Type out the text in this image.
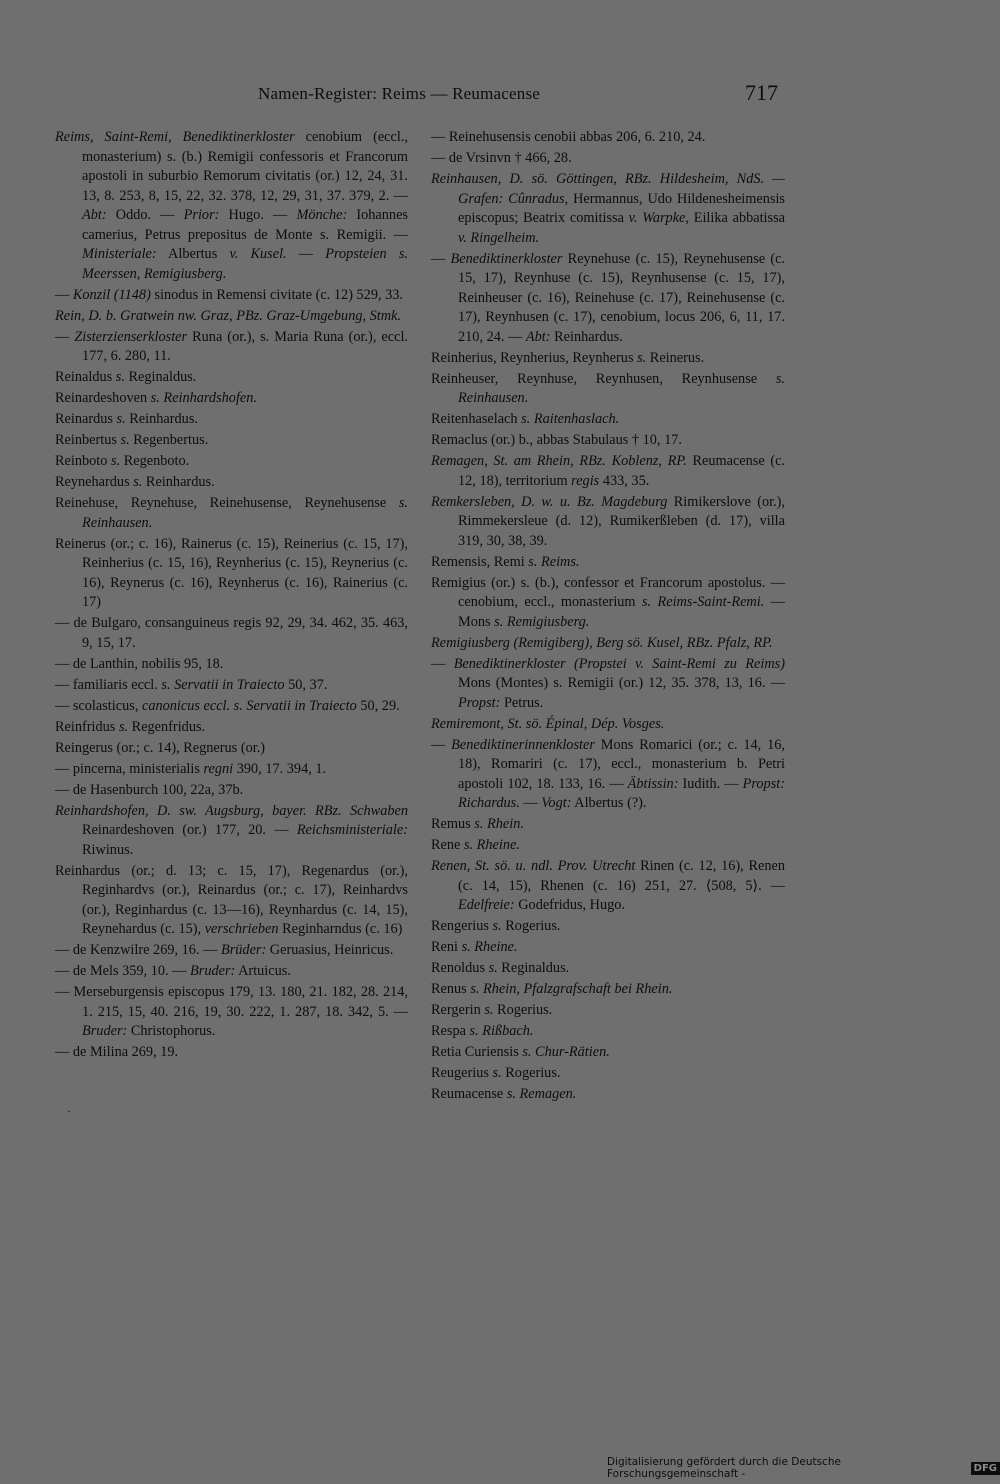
Namen-Register: Reims — Reumacense	717

Reims, Saint-Remi, Benediktinerkloster cenobium (eccl., monasterium) s. (b.) Remigii confessoris et Francorum apostoli in suburbio Remorum civitatis (or.) 12, 24, 31. 13, 8. 253, 8, 15, 22, 32. 378, 12, 29, 31, 37. 379, 2. — Abt: Oddo. — Prior: Hugo. — Mönche: Iohannes camerius, Petrus prepositus de Monte s. Remigii. — Ministeriale: Albertus v. Kusel. — Propsteien s. Meerssen, Remigiusberg.

— Konzil (1148) sinodus in Remensi civitate (c. 12) 529, 33.

Rein, D. b. Gratwein nw. Graz, PBz. Graz-Umgebung, Stmk.

— Zisterzienserkloster Runa (or.), s. Maria Runa (or.), eccl. 177, 6. 280, 11.

Reinaldus s. Reginaldus.

Reinardeshoven s. Reinhardshofen.

Reinardus s. Reinhardus.

Reinbertus s. Regenbertus.

Reinboto s. Regenboto.

Reynehardus s. Reinhardus.

Reinehuse, Reynehuse, Reinehusense, Reynehusense s. Reinhausen.

Reinerus (or.; c. 16), Rainerus (c. 15), Reinerius (c. 15, 17), Reinherius (c. 15, 16), Reynherius (c. 15), Reynerius (c. 16), Reynerus (c. 16), Reynherus (c. 16), Rainerius (c. 17)

— de Bulgaro, consanguineus regis 92, 29, 34. 462, 35. 463, 9, 15, 17.

— de Lanthin, nobilis 95, 18.

— familiaris eccl. s. Servatii in Traiecto 50, 37.

— scolasticus, canonicus eccl. s. Servatii in Traiecto 50, 29.

Reinfridus s. Regenfridus.

Reingerus (or.; c. 14), Regnerus (or.)

— pincerna, ministerialis regni 390, 17. 394, 1.

— de Hasenburch 100, 22a, 37b.

Reinhardshofen, D. sw. Augsburg, bayer. RBz. Schwaben Reinardeshoven (or.) 177, 20. — Reichsministeriale: Riwinus.

Reinhardus (or.; d. 13; c. 15, 17), Regenardus (or.), Reginhardvs (or.), Reinardus (or.; c. 17), Reinhardvs (or.), Reginhardus (c. 13—16), Reynhardus (c. 14, 15), Reynehardus (c. 15), verschrieben Reginharndus (c. 16)

— de Kenzwilre 269, 16. — Brüder: Geruasius, Heinricus.

— de Mels 359, 10. — Bruder: Artuicus.

— Merseburgensis episcopus 179, 13. 180, 21. 182, 28. 214, 1. 215, 15, 40. 216, 19, 30. 222, 1. 287, 18. 342, 5. — Bruder: Christophorus.

— de Milina 269, 19.

— Reinehusensis cenobii abbas 206, 6. 210, 24.

— de Vrsinvn † 466, 28.

Reinhausen, D. sö. Göttingen, RBz. Hildesheim, NdS. — Grafen: Cûnradus, Hermannus, Udo Hildenesheimensis episcopus; Beatrix comitissa v. Warpke, Eilika abbatissa v. Ringelheim.

— Benediktinerkloster Reynehuse (c. 15), Reynehusense (c. 15, 17), Reynhuse (c. 15), Reynhusense (c. 15, 17), Reinheuser (c. 16), Reinehuse (c. 17), Reinehusense (c. 17), Reynhusen (c. 17), cenobium, locus 206, 6, 11, 17. 210, 24. — Abt: Reinhardus.

Reinherius, Reynherius, Reynherus s. Reinerus.

Reinheuser, Reynhuse, Reynhusen, Reynhusense s. Reinhausen.

Reitenhaselach s. Raitenhaslach.

Remaclus (or.) b., abbas Stabulaus † 10, 17.

Remagen, St. am Rhein, RBz. Koblenz, RP. Reumacense (c. 12, 18), territorium regis 433, 35.

Remkersleben, D. w. u. Bz. Magdeburg Rimikerslove (or.), Rimmekersleue (d. 12), Rumikerßleben (d. 17), villa 319, 30, 38, 39.

Remensis, Remi s. Reims.

Remigius (or.) s. (b.), confessor et Francorum apostolus. — cenobium, eccl., monasterium s. Reims-Saint-Remi. — Mons s. Remigiusberg.

Remigiusberg (Remigiberg), Berg sö. Kusel, RBz. Pfalz, RP.

— Benediktinerkloster (Propstei v. Saint-Remi zu Reims) Mons (Montes) s. Remigii (or.) 12, 35. 378, 13, 16. — Propst: Petrus.

Remiremont, St. sö. Épinal, Dép. Vosges.

— Benediktinerinnenkloster Mons Romarici (or.; c. 14, 16, 18), Romariri (c. 17), eccl., monasterium b. Petri apostoli 102, 18. 133, 16. — Äbtissin: Iudith. — Propst: Richardus. — Vogt: Albertus (?).

Remus s. Rhein.

Rene s. Rheine.

Renen, St. sö. u. ndl. Prov. Utrecht Rinen (c. 12, 16), Renen (c. 14, 15), Rhenen (c. 16) 251, 27. ⟨508, 5⟩. — Edelfreie: Godefridus, Hugo.

Rengerius s. Rogerius.

Reni s. Rheine.

Renoldus s. Reginaldus.

Renus s. Rhein, Pfalzgrafschaft bei Rhein.

Rergerin s. Rogerius.

Respa s. Rißbach.

Retia Curiensis s. Chur-Rätien.

Reugerius s. Rogerius.

Reumacense s. Remagen.

·
Digitalisierung gefördert durch die Deutsche Forschungsgemeinschaft -	DFG
